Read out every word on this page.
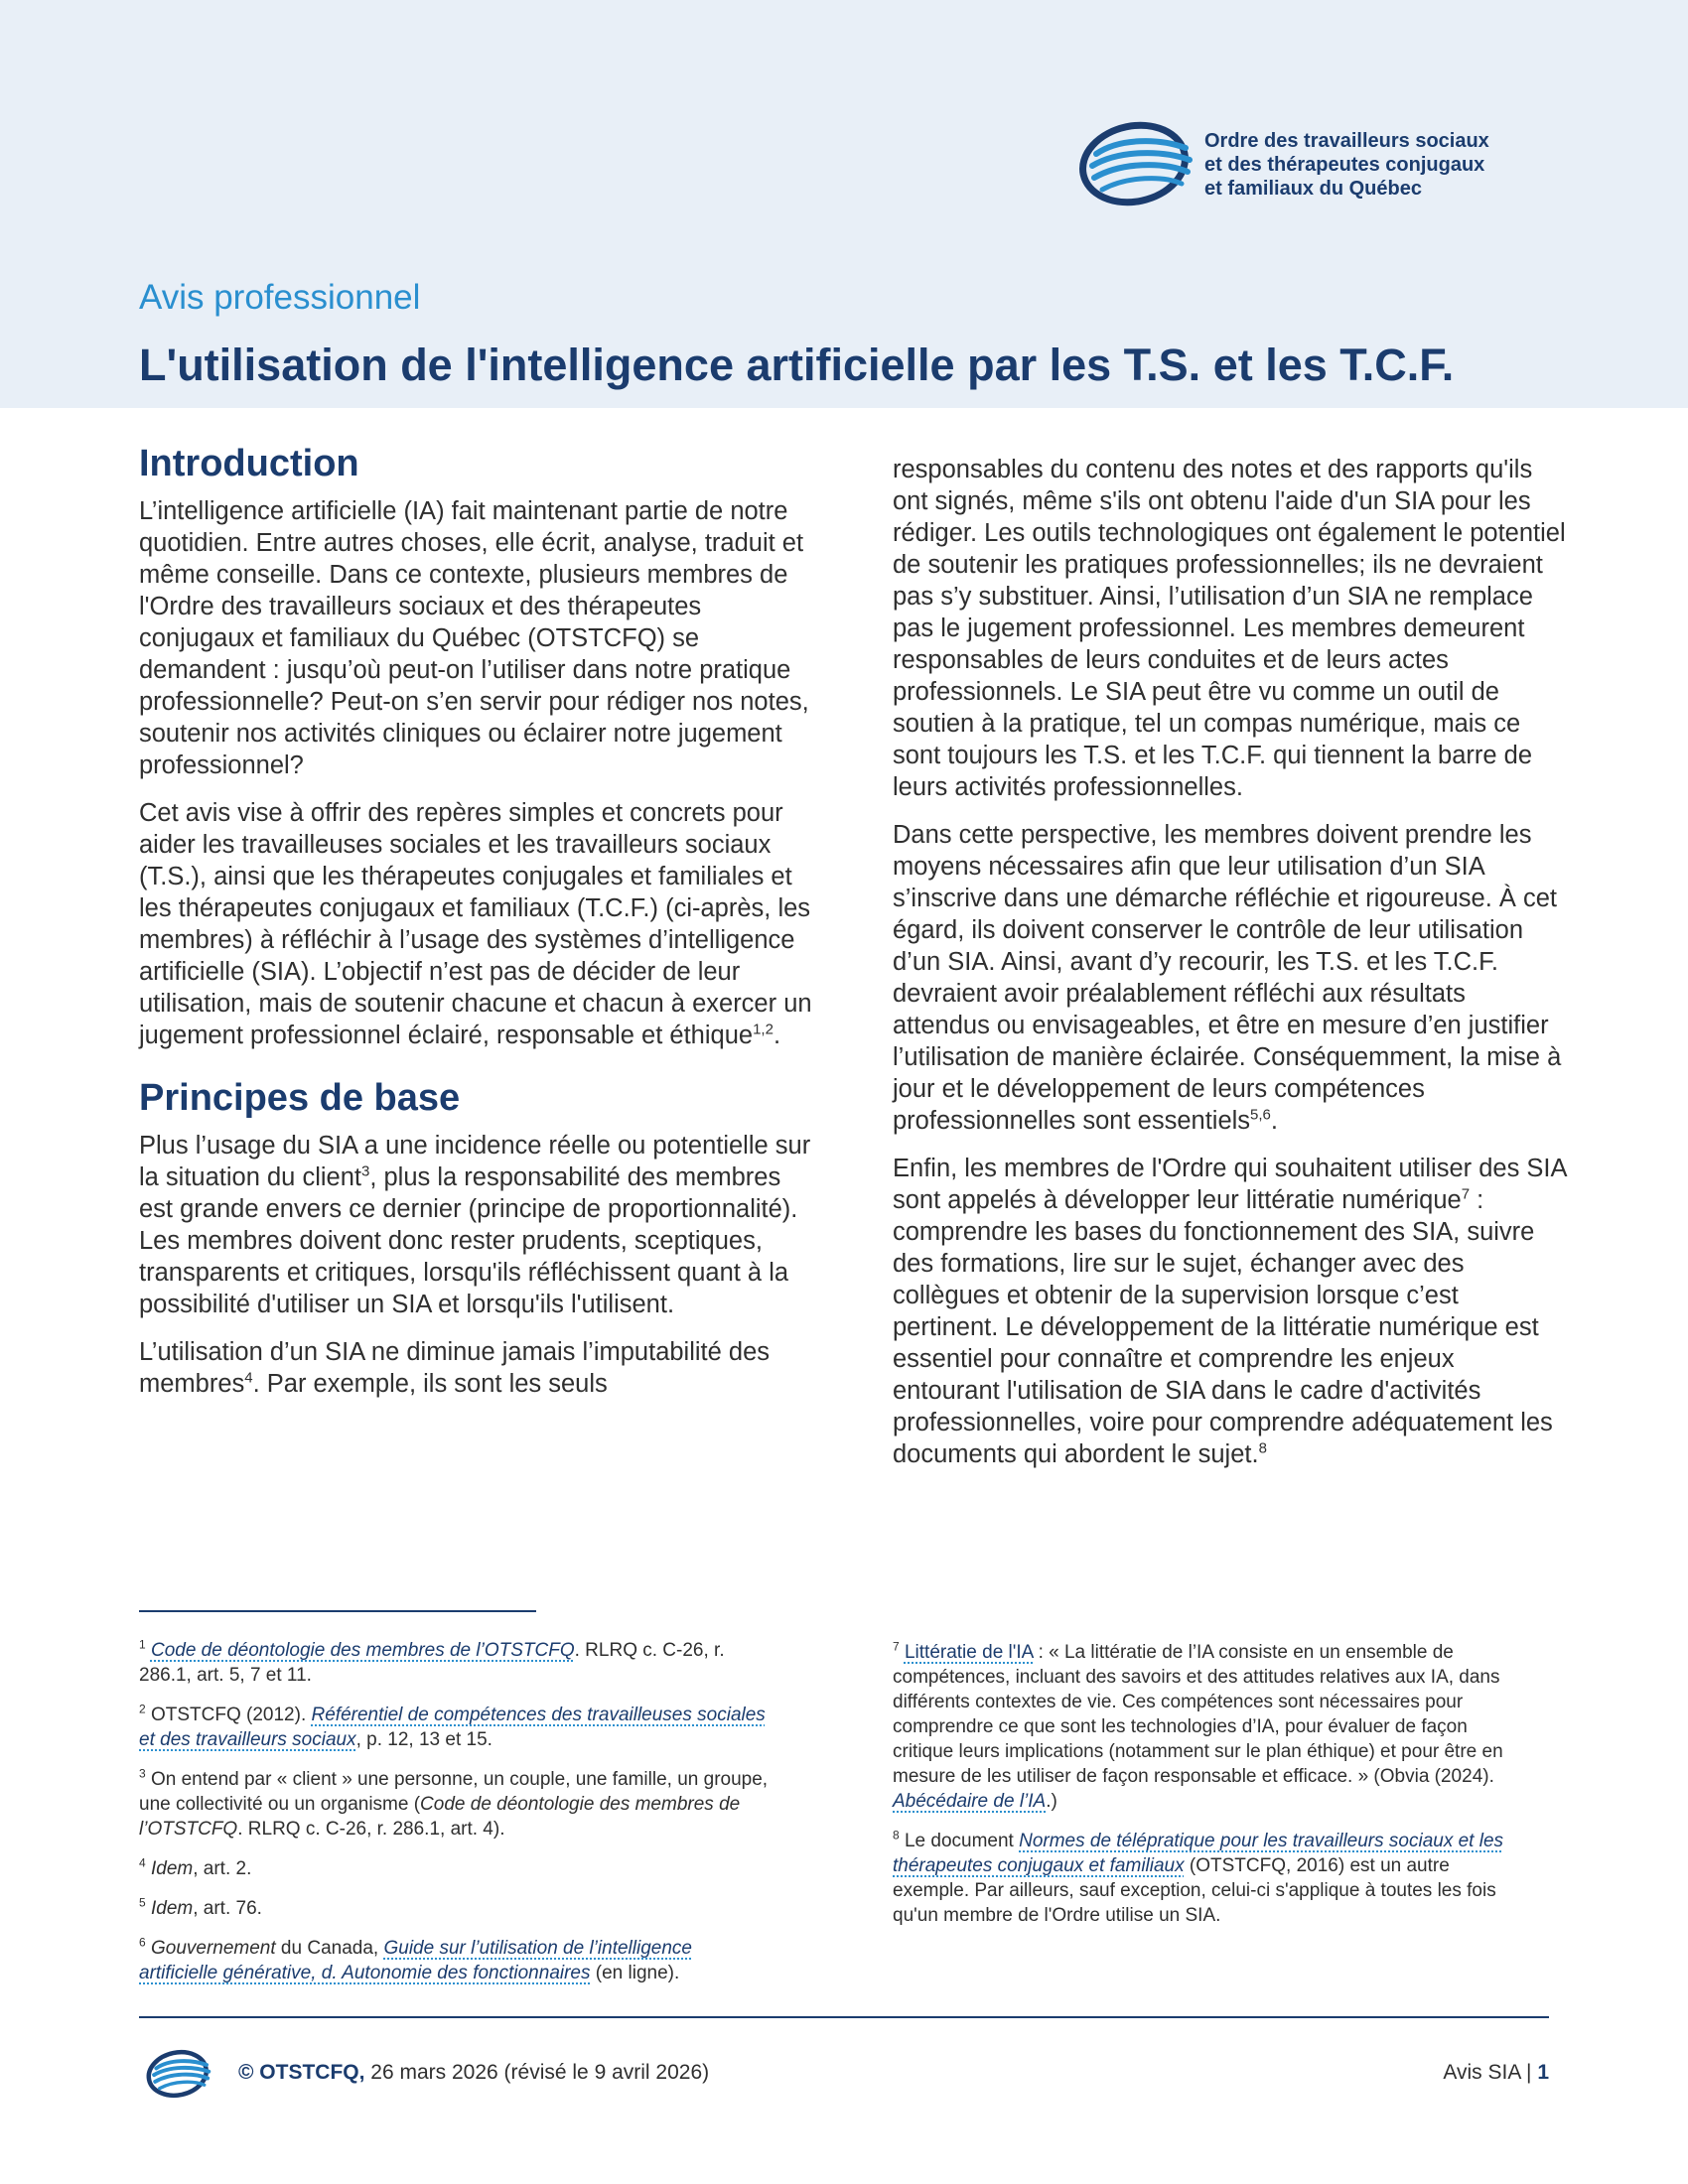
Ordre des travailleurs sociaux
et des thérapeutes conjugaux
et familiaux du Québec
Avis professionnel
L'utilisation de l'intelligence artificielle par les T.S. et les T.C.F.
Introduction

L’intelligence artificielle (IA) fait maintenant partie de notre quotidien. Entre autres choses, elle écrit, analyse, traduit et même conseille. Dans ce contexte, plusieurs membres de l'Ordre des travailleurs sociaux et des thérapeutes conjugaux et familiaux du Québec (OTSTCFQ) se demandent : jusqu’où peut-on l’utiliser dans notre pratique professionnelle? Peut-on s’en servir pour rédiger nos notes, soutenir nos activités cliniques ou éclairer notre jugement professionnel?

Cet avis vise à offrir des repères simples et concrets pour aider les travailleuses sociales et les travailleurs sociaux (T.S.), ainsi que les thérapeutes conjugales et familiales et les thérapeutes conjugaux et familiaux (T.C.F.) (ci-après, les membres) à réfléchir à l’usage des systèmes d’intelligence artificielle (SIA). L’objectif n’est pas de décider de leur utilisation, mais de soutenir chacune et chacun à exercer un jugement professionnel éclairé, responsable et éthique$^{1,2}$.

Principes de base

Plus l’usage du SIA a une incidence réelle ou potentielle sur la situation du client$^3$, plus la responsabilité des membres est grande envers ce dernier (principe de proportionnalité). Les membres doivent donc rester prudents, sceptiques, transparents et critiques, lorsqu'ils réfléchissent quant à la possibilité d'utiliser un SIA et lorsqu'ils l'utilisent.

L’utilisation d’un SIA ne diminue jamais l’imputabilité des membres$^4$. Par exemple, ils sont les seuls

responsables du contenu des notes et des rapports qu'ils ont signés, même s'ils ont obtenu l'aide d'un SIA pour les rédiger. Les outils technologiques ont également le potentiel de soutenir les pratiques professionnelles; ils ne devraient pas s’y substituer. Ainsi, l’utilisation d’un SIA ne remplace pas le jugement professionnel. Les membres demeurent responsables de leurs conduites et de leurs actes professionnels. Le SIA peut être vu comme un outil de soutien à la pratique, tel un compas numérique, mais ce sont toujours les T.S. et les T.C.F. qui tiennent la barre de leurs activités professionnelles.

Dans cette perspective, les membres doivent prendre les moyens nécessaires afin que leur utilisation d’un SIA s’inscrive dans une démarche réfléchie et rigoureuse. À cet égard, ils doivent conserver le contrôle de leur utilisation d’un SIA. Ainsi, avant d’y recourir, les T.S. et les T.C.F. devraient avoir préalablement réfléchi aux résultats attendus ou envisageables, et être en mesure d’en justifier l’utilisation de manière éclairée. Conséquemment, la mise à jour et le développement de leurs compétences professionnelles sont essentiels$^{5,6}$.

Enfin, les membres de l'Ordre qui souhaitent utiliser des SIA sont appelés à développer leur littératie numérique$^7$ : comprendre les bases du fonctionnement des SIA, suivre des formations, lire sur le sujet, échanger avec des collègues et obtenir de la supervision lorsque c’est pertinent. Le développement de la littératie numérique est essentiel pour connaître et comprendre les enjeux entourant l'utilisation de SIA dans le cadre d'activités professionnelles, voire pour comprendre adéquatement les documents qui abordent le sujet.$^8$

$^1$ Code de déontologie des membres de l’OTSTCFQ. RLRQ c. C-26, r. 286.1, art. 5, 7 et 11.

$^2$ OTSTCFQ (2012). Référentiel de compétences des travailleuses sociales et des travailleurs sociaux, p. 12, 13 et 15.

$^3$ On entend par « client » une personne, un couple, une famille, un groupe, une collectivité ou un organisme (Code de déontologie des membres de l’OTSTCFQ. RLRQ c. C-26, r. 286.1, art. 4).

$^4$ Idem, art. 2.

$^5$ Idem, art. 76.

$^6$ Gouvernement du Canada, Guide sur l’utilisation de l’intelligence artificielle générative, d. Autonomie des fonctionnaires (en ligne).

$^7$ Littératie de l'IA : « La littératie de l’IA consiste en un ensemble de compétences, incluant des savoirs et des attitudes relatives aux IA, dans différents contextes de vie. Ces compétences sont nécessaires pour comprendre ce que sont les technologies d’IA, pour évaluer de façon critique leurs implications (notamment sur le plan éthique) et pour être en mesure de les utiliser de façon responsable et efficace. » (Obvia (2024). Abécédaire de l’IA.)

$^8$ Le document Normes de télépratique pour les travailleurs sociaux et les thérapeutes conjugaux et familiaux (OTSTCFQ, 2016) est un autre exemple. Par ailleurs, sauf exception, celui-ci s'applique à toutes les fois qu'un membre de l'Ordre utilise un SIA.

© OTSTCFQ, 26 mars 2026 (révisé le 9 avril 2026)	Avis SIA | 1
